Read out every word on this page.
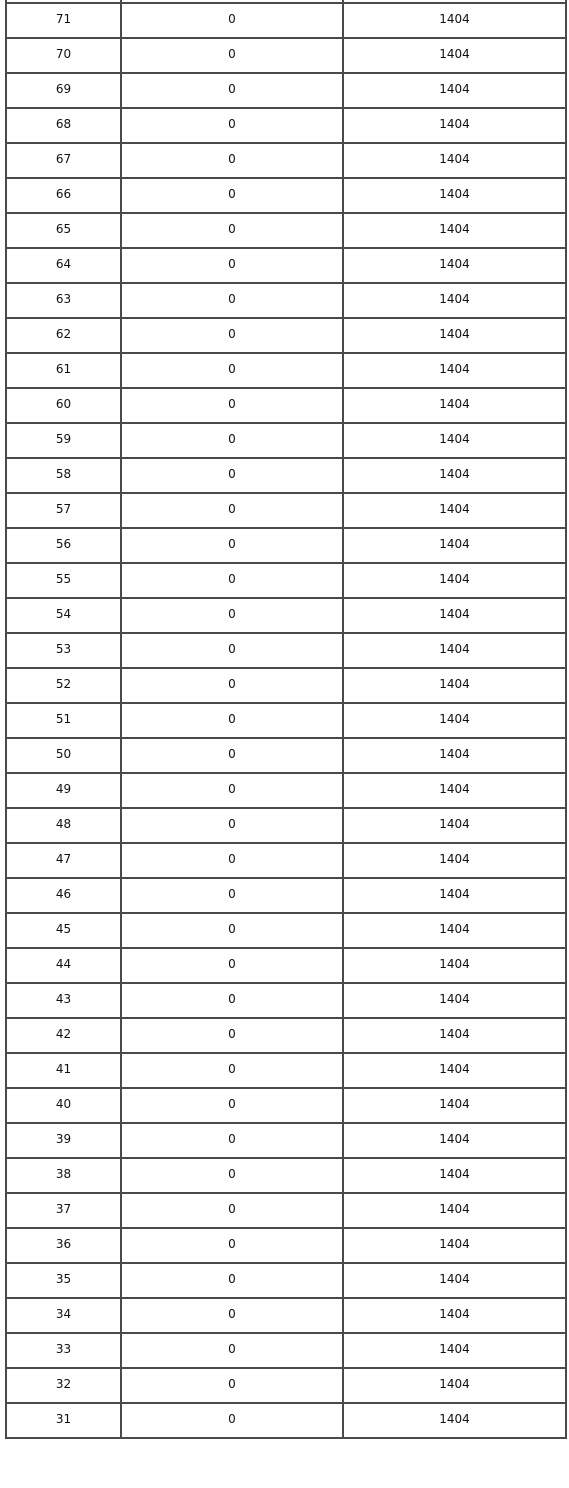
71	0	1404
70	0	1404
69	0	1404
68	0	1404
67	0	1404
66	0	1404
65	0	1404
64	0	1404
63	0	1404
62	0	1404
61	0	1404
60	0	1404
59	0	1404
58	0	1404
57	0	1404
56	0	1404
55	0	1404
54	0	1404
53	0	1404
52	0	1404
51	0	1404
50	0	1404
49	0	1404
48	0	1404
47	0	1404
46	0	1404
45	0	1404
44	0	1404
43	0	1404
42	0	1404
41	0	1404
40	0	1404
39	0	1404
38	0	1404
37	0	1404
36	0	1404
35	0	1404
34	0	1404
33	0	1404
32	0	1404
31	0	1404
